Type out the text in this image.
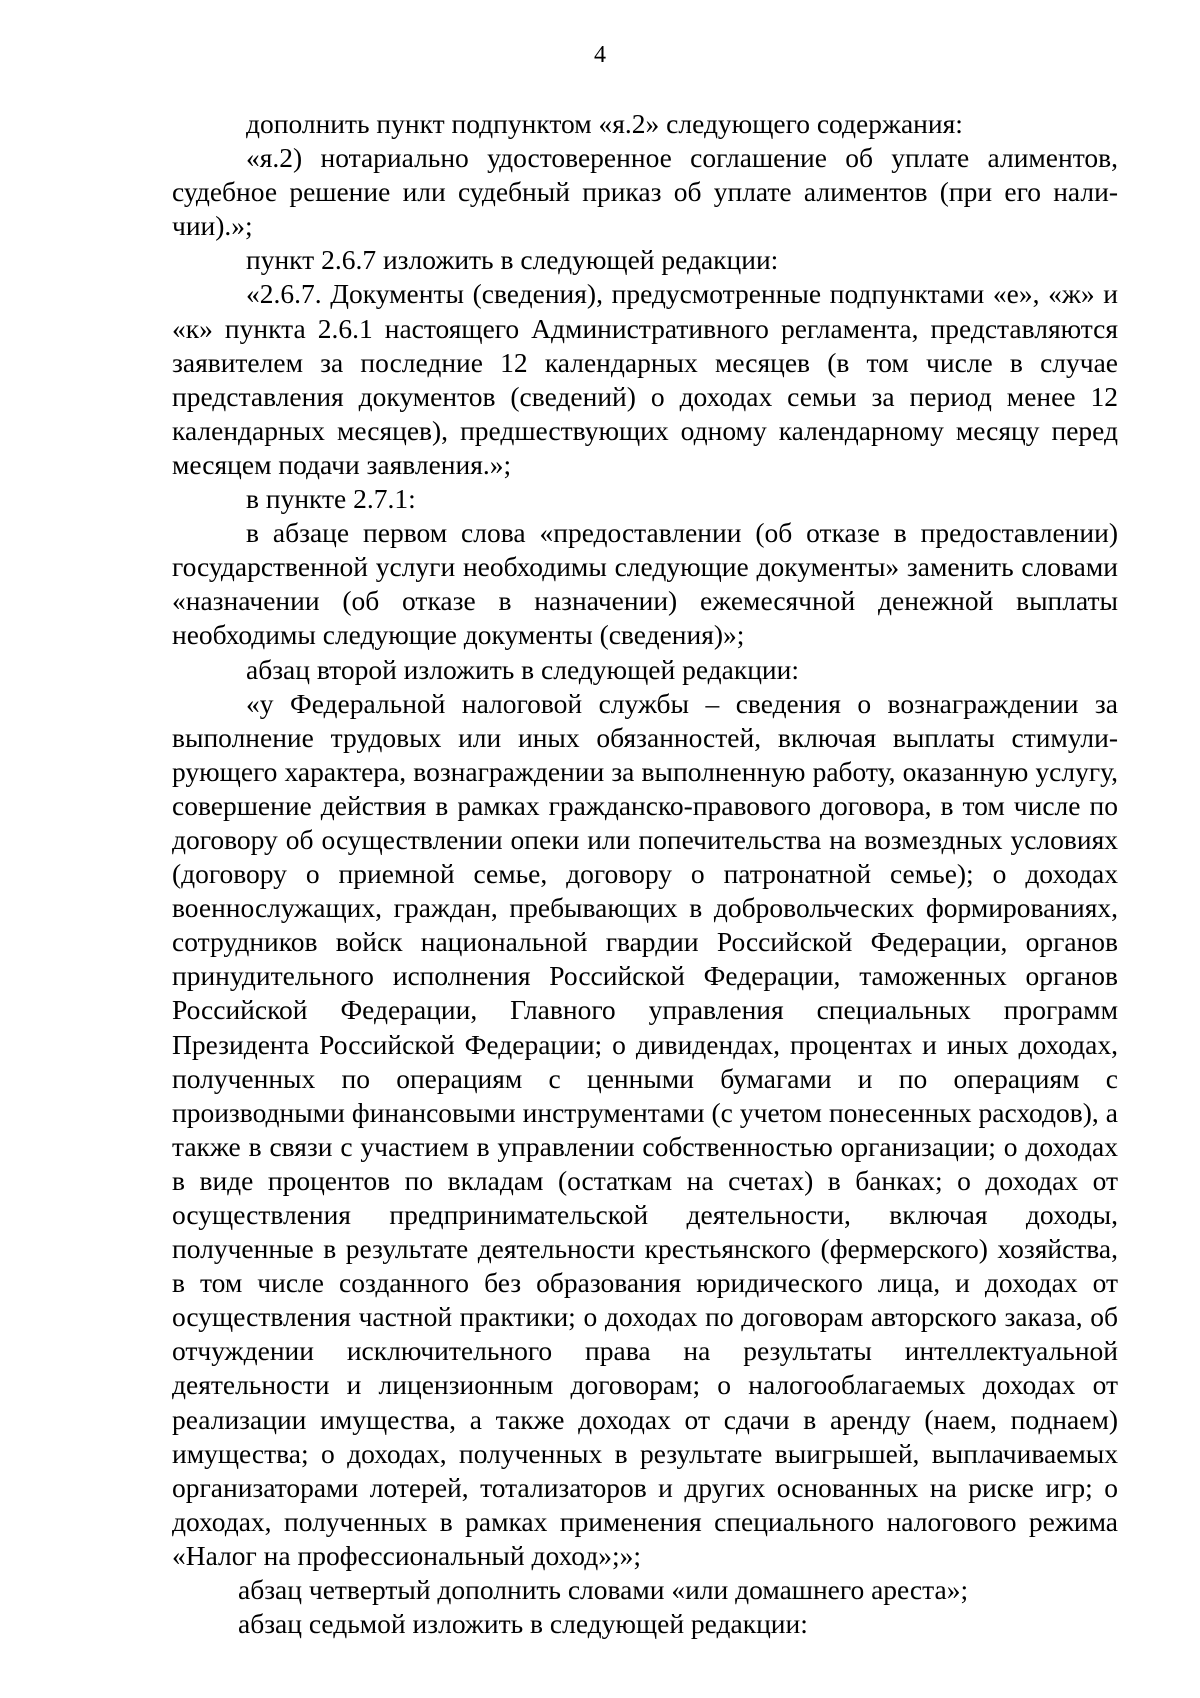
4

дополнить пункт подпунктом «я.2» следующего содержания:

«я.2) нотариально удостоверенное соглашение об уплате алиментов, судебное решение или судебный приказ об уплате алиментов (при его наличии).»;

пункт 2.6.7 изложить в следующей редакции:

«2.6.7. Документы (сведения), предусмотренные подпунктами «е», «ж» и «к» пункта 2.6.1 настоящего Административного регламента, представляются заявителем за последние 12 календарных месяцев (в том числе в случае представления документов (сведений) о доходах семьи за период менее 12 календарных месяцев), предшествующих одному календарному месяцу перед месяцем подачи заявления.»;

в пункте 2.7.1:

в абзаце первом слова «предоставлении (об отказе в предоставлении) государственной услуги необходимы следующие документы» заменить словами «назначении (об отказе в назначении) ежемесячной денежной выплаты необходимы следующие документы (сведения)»;

абзац второй изложить в следующей редакции:

«у Федеральной налоговой службы – сведения о вознаграждении за выполнение трудовых или иных обязанностей, включая выплаты стимулирующего характера, вознаграждении за выполненную работу, оказанную услугу, совершение действия в рамках гражданско-правового договора, в том числе по договору об осуществлении опеки или попечительства на возмездных условиях (договору о приемной семье, договору о патронатной семье); о доходах военнослужащих, граждан, пребывающих в добровольческих формированиях, сотрудников войск национальной гвардии Российской Федерации, органов принудительного исполнения Российской Федерации, таможенных органов Российской Федерации, Главного управления специальных программ Президента Российской Федерации; о дивидендах, процентах и иных доходах, полученных по операциям с ценными бумагами и по операциям с производными финансовыми инструментами (с учетом понесенных расходов), а также в связи с участием в управлении собственностью организации; о доходах в виде процентов по вкладам (остаткам на счетах) в банках; о доходах от осуществления предпринимательской деятельности, включая доходы, полученные в результате деятельности крестьянского (фермерского) хозяйства, в том числе созданного без образования юридического лица, и доходах от осуществления частной практики; о доходах по договорам авторского заказа, об отчуждении исключительного права на результаты интеллектуальной деятельности и лицензионным договорам; о налогооблагаемых доходах от реализации имущества, а также доходах от сдачи в аренду (наем, поднаем) имущества; о доходах, полученных в результате выигрышей, выплачиваемых организаторами лотерей, тотализаторов и других основанных на риске игр; о доходах, полученных в рамках применения специального налогового режима «Налог на профессиональный доход»;»;

абзац четвертый дополнить словами «или домашнего ареста»;

абзац седьмой изложить в следующей редакции:
